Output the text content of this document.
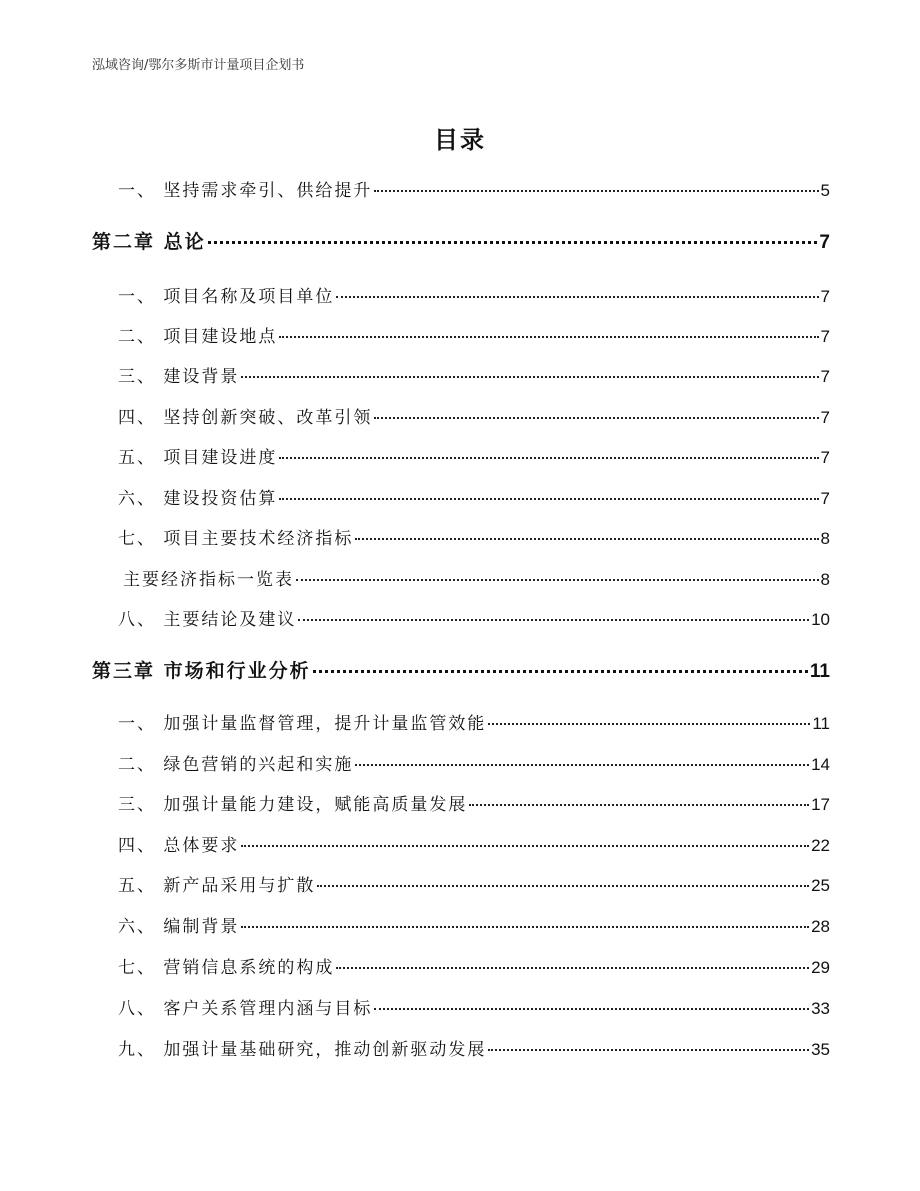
泓域咨询/鄂尔多斯市计量项目企划书
目录
一、 坚持需求牵引、供给提升	5
第二章 总论	7
一、 项目名称及项目单位	7
二、 项目建设地点	7
三、 建设背景	7
四、 坚持创新突破、改革引领	7
五、 项目建设进度	7
六、 建设投资估算	7
七、 项目主要技术经济指标	8
主要经济指标一览表	8
八、 主要结论及建议	10
第三章 市场和行业分析	11
一、 加强计量监督管理，提升计量监管效能	11
二、 绿色营销的兴起和实施	14
三、 加强计量能力建设，赋能高质量发展	17
四、 总体要求	22
五、 新产品采用与扩散	25
六、 编制背景	28
七、 营销信息系统的构成	29
八、 客户关系管理内涵与目标	33
九、 加强计量基础研究，推动创新驱动发展	35
